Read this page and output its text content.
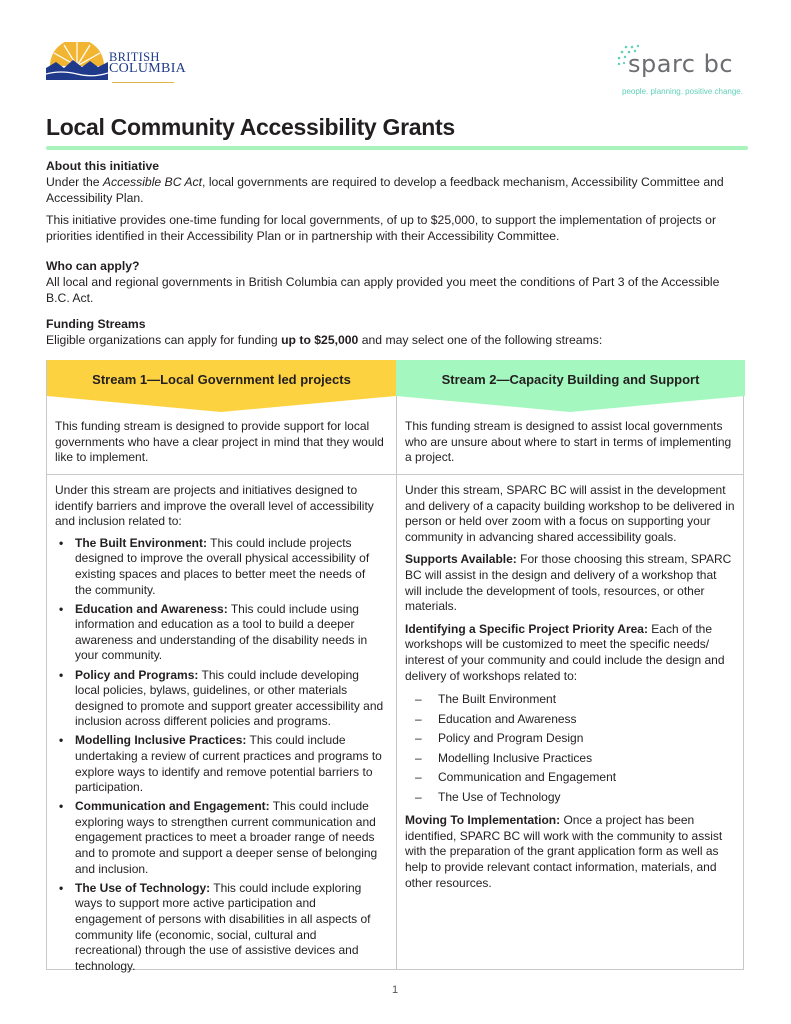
BRITISH
COLUMBIA	sparc bc
people. planning. positive change.
Local Community Accessibility Grants
About this initiative

Under the Accessible BC Act, local governments are required to develop a feedback mechanism, Accessibility Committee and Accessibility Plan.

This initiative provides one-time funding for local governments, of up to $25,000, to support the implementation of projects or priorities identified in their Accessibility Plan or in partnership with their Accessibility Committee.

Who can apply?

All local and regional governments in British Columbia can apply provided you meet the conditions of Part 3 of the Accessible B.C. Act.

Funding Streams

Eligible organizations can apply for funding up to $25,000 and may select one of the following streams:

Stream 1—Local Government led projects	Stream 2—Capacity Building and Support
This funding stream is designed to provide support for local governments who have a clear project in mind that they would like to implement.
This funding stream is designed to assist local governments who are unsure about where to start in terms of implementing a project.

Under this stream are projects and initiatives designed to identify barriers and improve the overall level of accessibility and inclusion related to:

• The Built Environment: This could include projects designed to improve the overall physical accessibility of existing spaces and places to better meet the needs of the community.
• Education and Awareness: This could include using information and education as a tool to build a deeper awareness and understanding of the disability needs in your community.
• Policy and Programs: This could include developing local policies, bylaws, guidelines, or other materials designed to promote and support greater accessibility and inclusion across different policies and programs.
• Modelling Inclusive Practices: This could include undertaking a review of current practices and programs to explore ways to identify and remove potential barriers to participation.
• Communication and Engagement: This could include exploring ways to strengthen current communication and engagement practices to meet a broader range of needs and to promote and support a deeper sense of belonging and inclusion.
• The Use of Technology: This could include exploring ways to support more active participation and engagement of persons with disabilities in all aspects of community life (economic, social, cultural and recreational) through the use of assistive devices and technology.

Under this stream, SPARC BC will assist in the development and delivery of a capacity building workshop to be delivered in person or held over zoom with a focus on supporting your community in advancing shared accessibility goals.

Supports Available: For those choosing this stream, SPARC BC will assist in the design and delivery of a workshop that will include the development of tools, resources, or other materials.

Identifying a Specific Project Priority Area: Each of the workshops will be customized to meet the specific needs/ interest of your community and could include the design and delivery of workshops related to:

– The Built Environment
– Education and Awareness
– Policy and Program Design
– Modelling Inclusive Practices
– Communication and Engagement
– The Use of Technology

Moving To Implementation: Once a project has been identified, SPARC BC will work with the community to assist with the preparation of the grant application form as well as help to provide relevant contact information, materials, and other resources.

1
